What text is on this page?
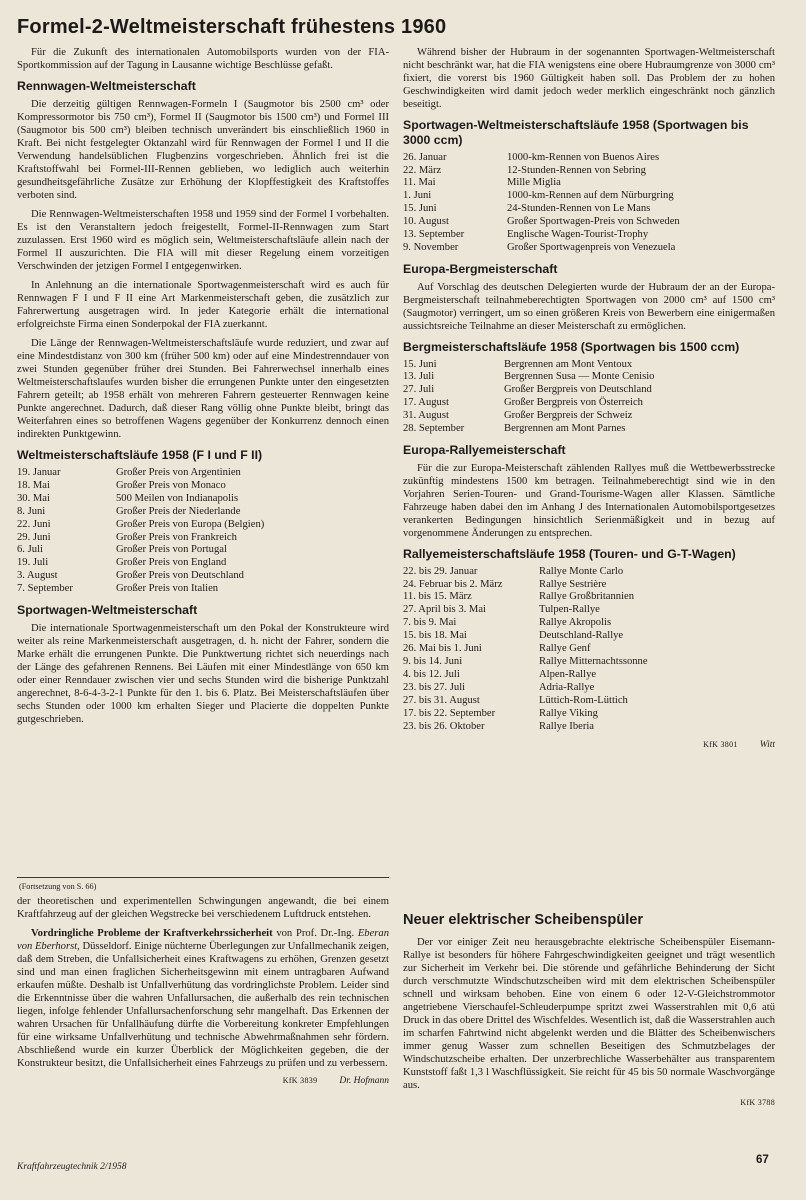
Formel-2-Weltmeisterschaft frühestens 1960

Für die Zukunft des internationalen Automobilsports wurden von der FIA-Sportkommission auf der Tagung in Lausanne wichtige Beschlüsse gefaßt.

Rennwagen-Weltmeisterschaft

Die derzeitig gültigen Rennwagen-Formeln I (Saugmotor bis 2500 cm³ oder Kompressormotor bis 750 cm³), Formel II (Saugmotor bis 1500 cm³) und Formel III (Saugmotor bis 500 cm³) bleiben technisch unverändert bis einschließlich 1960 in Kraft. Bei nicht festgelegter Oktanzahl wird für Rennwagen der Formel I und II die Verwendung handelsüblichen Flugbenzins vorgeschrieben. Ähnlich frei ist die Kraftstoffwahl bei Formel-III-Rennen geblieben, wo lediglich auch weiterhin gesundheitsgefährliche Zusätze zur Erhöhung der Klopffestigkeit des Kraftstoffes verboten sind.

Die Rennwagen-Weltmeisterschaften 1958 und 1959 sind der Formel I vorbehalten. Es ist den Veranstaltern jedoch freigestellt, Formel-II-Rennwagen zum Start zuzulassen. Erst 1960 wird es möglich sein, Weltmeisterschaftsläufe allein nach der Formel II auszurichten. Die FIA will mit dieser Regelung einem vorzeitigen Verschwinden der jetzigen Formel I entgegenwirken.

In Anlehnung an die internationale Sportwagenmeisterschaft wird es auch für Rennwagen F I und F II eine Art Markenmeisterschaft geben, die zusätzlich zur Fahrerwertung ausgetragen wird. In jeder Kategorie erhält die international erfolgreichste Firma einen Sonderpokal der FIA zuerkannt.

Die Länge der Rennwagen-Weltmeisterschaftsläufe wurde reduziert, und zwar auf eine Mindestdistanz von 300 km (früher 500 km) oder auf eine Mindestrenndauer von zwei Stunden gegenüber früher drei Stunden. Bei Fahrerwechsel innerhalb eines Weltmeisterschaftslaufes wurden bisher die errungenen Punkte unter den eingesetzten Fahrern geteilt; ab 1958 erhält von mehreren Fahrern gesteuerter Rennwagen keine Punkte angerechnet. Dadurch, daß dieser Rang völlig ohne Punkte bleibt, bringt das Weiterfahren eines so betroffenen Wagens gegenüber der Konkurrenz dennoch einen indirekten Punktgewinn.

Weltmeisterschaftsläufe 1958 (F I und F II)
19. Januar	Großer Preis von Argentinien
18. Mai	Großer Preis von Monaco
30. Mai	500 Meilen von Indianapolis
8. Juni	Großer Preis der Niederlande
22. Juni	Großer Preis von Europa (Belgien)
29. Juni	Großer Preis von Frankreich
6. Juli	Großer Preis von Portugal
19. Juli	Großer Preis von England
3. August	Großer Preis von Deutschland
7. September	Großer Preis von Italien
Sportwagen-Weltmeisterschaft

Die internationale Sportwagenmeisterschaft um den Pokal der Konstrukteure wird weiter als reine Markenmeisterschaft ausgetragen, d. h. nicht der Fahrer, sondern die Marke erhält die errungenen Punkte. Die Punktwertung richtet sich neuerdings nach der Länge des gefahrenen Rennens. Bei Läufen mit einer Mindestlänge von 650 km oder einer Renndauer zwischen vier und sechs Stunden wird die bisherige Punktzahl angerechnet, 8-6-4-3-2-1 Punkte für den 1. bis 6. Platz. Bei Meisterschaftsläufen über sechs Stunden oder 1000 km erhalten Sieger und Placierte die doppelten Punkte gutgeschrieben.

Während bisher der Hubraum in der sogenannten Sportwagen-Weltmeisterschaft nicht beschränkt war, hat die FIA wenigstens eine obere Hubraumgrenze von 3000 cm³ fixiert, die vorerst bis 1960 Gültigkeit haben soll. Das Problem der zu hohen Geschwindigkeiten wird damit jedoch weder merklich eingeschränkt noch gänzlich beseitigt.

Sportwagen-Weltmeisterschaftsläufe 1958 (Sportwagen bis 3000 ccm)
26. Januar	1000-km-Rennen von Buenos Aires
22. März	12-Stunden-Rennen von Sebring
11. Mai	Mille Miglia
1. Juni	1000-km-Rennen auf dem Nürburgring
15. Juni	24-Stunden-Rennen von Le Mans
10. August	Großer Sportwagen-Preis von Schweden
13. September	Englische Wagen-Tourist-Trophy
9. November	Großer Sportwagenpreis von Venezuela
Europa-Bergmeisterschaft

Auf Vorschlag des deutschen Delegierten wurde der Hubraum der an der Europa-Bergmeisterschaft teilnahmeberechtigten Sportwagen von 2000 cm³ auf 1500 cm³ (Saugmotor) verringert, um so einen größeren Kreis von Bewerbern eine einigermaßen aussichtsreiche Teilnahme an dieser Meisterschaft zu ermöglichen.

Bergmeisterschaftsläufe 1958 (Sportwagen bis 1500 ccm)
15. Juni	Bergrennen am Mont Ventoux
13. Juli	Bergrennen Susa — Monte Cenisio
27. Juli	Großer Bergpreis von Deutschland
17. August	Großer Bergpreis von Österreich
31. August	Großer Bergpreis der Schweiz
28. September	Bergrennen am Mont Parnes
Europa-Rallyemeisterschaft

Für die zur Europa-Meisterschaft zählenden Rallyes muß die Wettbewerbsstrecke zukünftig mindestens 1500 km betragen. Teilnahmeberechtigt sind wie in den Vorjahren Serien-Touren- und Grand-Tourisme-Wagen aller Klassen. Sämtliche Fahrzeuge haben dabei den im Anhang J des Internationalen Automobilsportgesetzes verankerten Bedingungen hinsichtlich Serienmäßigkeit und in bezug auf vorgenommene Änderungen zu entsprechen.

Rallyemeisterschaftsläufe 1958 (Touren- und G-T-Wagen)
22. bis 29. Januar	Rallye Monte Carlo
24. Februar bis 2. März	Rallye Sestrière
11. bis 15. März	Rallye Großbritannien
27. April bis 3. Mai	Tulpen-Rallye
7. bis 9. Mai	Rallye Akropolis
15. bis 18. Mai	Deutschland-Rallye
26. Mai bis 1. Juni	Rallye Genf
9. bis 14. Juni	Rallye Mitternachtssonne
4. bis 12. Juli	Alpen-Rallye
23. bis 27. Juli	Adria-Rallye
27. bis 31. August	Lüttich-Rom-Lüttich
17. bis 22. September	Rallye Viking
23. bis 26. Oktober	Rallye Iberia
KfK 3801 Witt
(Fortsetzung von S. 66)

der theoretischen und experimentellen Schwingungen angewandt, die bei einem Kraftfahrzeug auf der gleichen Wegstrecke bei verschiedenem Luftdruck entstehen.

Vordringliche Probleme der Kraftverkehrssicherheit von Prof. Dr.-Ing. Eberan von Eberhorst, Düsseldorf. Einige nüchterne Überlegungen zur Unfallmechanik zeigen, daß dem Streben, die Unfallsicherheit eines Kraftwagens zu erhöhen, Grenzen gesetzt sind und man einen fraglichen Sicherheitsgewinn mit einem untragbaren Aufwand erkaufen müßte. Deshalb ist Unfallverhütung das vordringlichste Problem. Leider sind die Erkenntnisse über die wahren Unfallursachen, die außerhalb des rein technischen liegen, infolge fehlender Unfallursachenforschung sehr mangelhaft. Das Erkennen der wahren Ursachen für Unfallhäufung dürfte die Vorbereitung konkreter Empfehlungen für eine wirksame Unfallverhütung und technische Abwehrmaßnahmen sehr fördern. Abschließend wurde ein kurzer Überblick der Möglichkeiten gegeben, die der Konstrukteur besitzt, die Unfallsicherheit eines Fahrzeugs zu prüfen und zu verbessern.

KfK 3839 Dr. Hofmann
Neuer elektrischer Scheibenspüler

Der vor einiger Zeit neu herausgebrachte elektrische Scheibenspüler Eisemann-Rallye ist besonders für höhere Fahrgeschwindigkeiten geeignet und trägt wesentlich zur Sicherheit im Verkehr bei. Die störende und gefährliche Behinderung der Sicht durch verschmutzte Windschutzscheiben wird mit dem elektrischen Scheibenspüler schnell und wirksam behoben. Eine von einem 6 oder 12-V-Gleichstrommotor angetriebene Vierschaufel-Schleuderpumpe spritzt zwei Wasserstrahlen mit 0,6 atü Druck in das obere Drittel des Wischfeldes. Wesentlich ist, daß die Wasserstrahlen auch im scharfen Fahrtwind nicht abgelenkt werden und die Blätter des Scheibenwischers immer genug Wasser zum schnellen Beseitigen des Schmutzbelages der Windschutzscheibe erhalten. Der unzerbrechliche Wasserbehälter aus transparentem Kunststoff faßt 1,3 l Waschflüssigkeit. Sie reicht für 45 bis 50 normale Waschvorgänge aus.

KfK 3788
Kraftfahrzeugtechnik 2/1958
67
